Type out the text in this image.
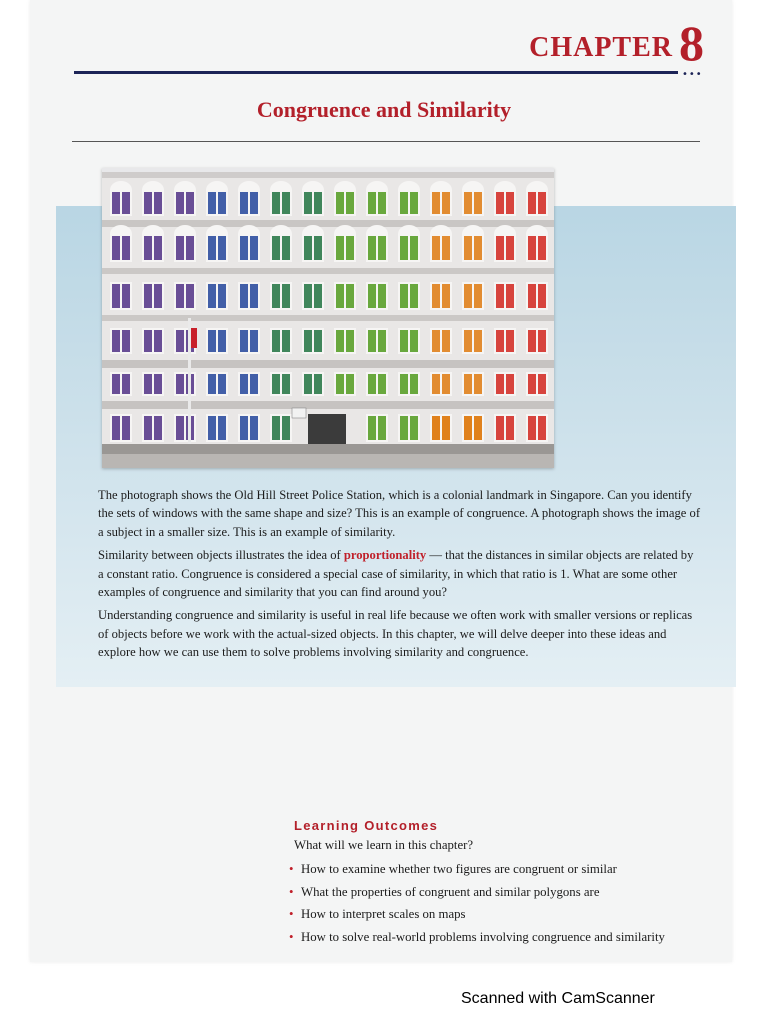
CHAPTER 8
•••
Congruence and Similarity

The photograph shows the Old Hill Street Police Station, which is a colonial landmark in Singapore. Can you identify the sets of windows with the same shape and size? This is an example of congruence. A photograph shows the image of a subject in a smaller size. This is an example of similarity.

Similarity between objects illustrates the idea of proportionality — that the distances in similar objects are related by a constant ratio. Congruence is considered a special case of similarity, in which that ratio is 1. What are some other examples of congruence and similarity that you can find around you?

Understanding congruence and similarity is useful in real life because we often work with smaller versions or replicas of objects before we work with the actual-sized objects. In this chapter, we will delve deeper into these ideas and explore how we can use them to solve problems involving similarity and congruence.

Learning Outcomes
What will we learn in this chapter?
• How to examine whether two figures are congruent or similar
• What the properties of congruent and similar polygons are
• How to interpret scales on maps
• How to solve real-world problems involving congruence and similarity
Scanned with CamScanner
